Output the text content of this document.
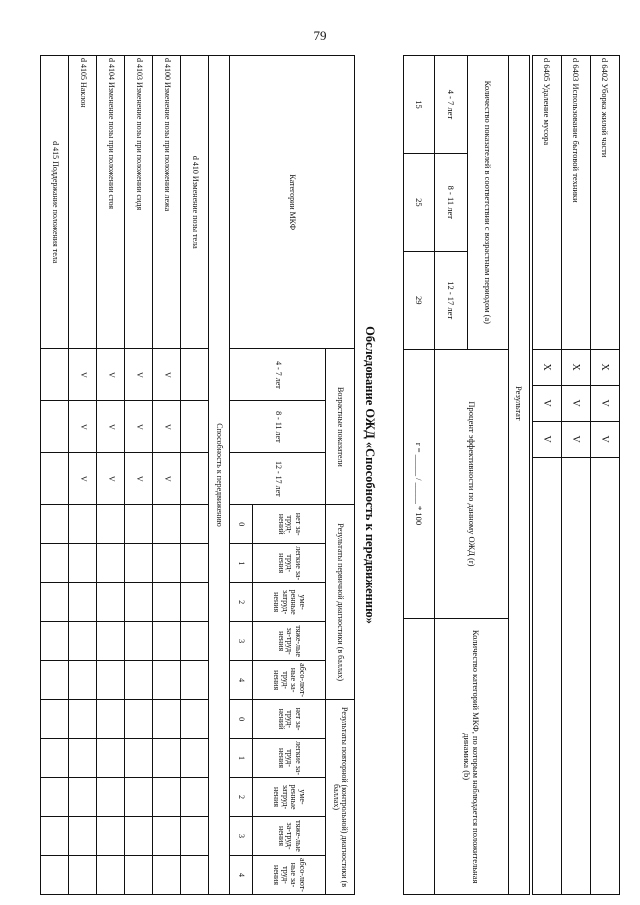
79
d 6402 Уборка жилой части	X	V	V	
d 6403 Использование бытовой техники	X	V	V	
d 6405 Удаление мусора	X	V	V	
Результат				
Количество показателей в соответствии с возрастным периодом (a)			Процент эффективности по данному ОЖД (r)	Количество категорий МКФ, по которым наблюдается положительная динамика (b)
4 - 7 лет	8 - 11 лет	12 - 17 лет		
15	25	29	r = _____ / _____ * 100	
Обследование ОЖД «Способность к передвижению»
Категории МКФ	Возрастные показатели			Результаты первичной диагностики (в баллах)					Результаты повторной (контрольной) диагностики (в баллах)				
	4 - 7 лет	8 - 11 лет	12 - 17 лет	нет за-труд-нений	легкие за-труд-нения	уме-ренные затруд-нения	тяже-лые за-труд-нения	абсо-лют-ные за-труд-нения	нет за-труд-нений	легкие за-труд-нения	уме-ренные затруд-нения	тяже-лые за-труд-нения	абсо-лют-ные за-труд-нения
				0	1	2	3	4	0	1	2	3	4
Способность к передвижению													
d 410 Изменение позы тела													
d 4100 Изменение позы при положении лежа	V	V	V										
d 4103 Изменение позы при положении сидя	V	V	V										
d 4104 Изменение позы при положении стоя	V	V	V										
d 4105 Наклон	V	V	V										
d 415 Поддержание положения тела													
